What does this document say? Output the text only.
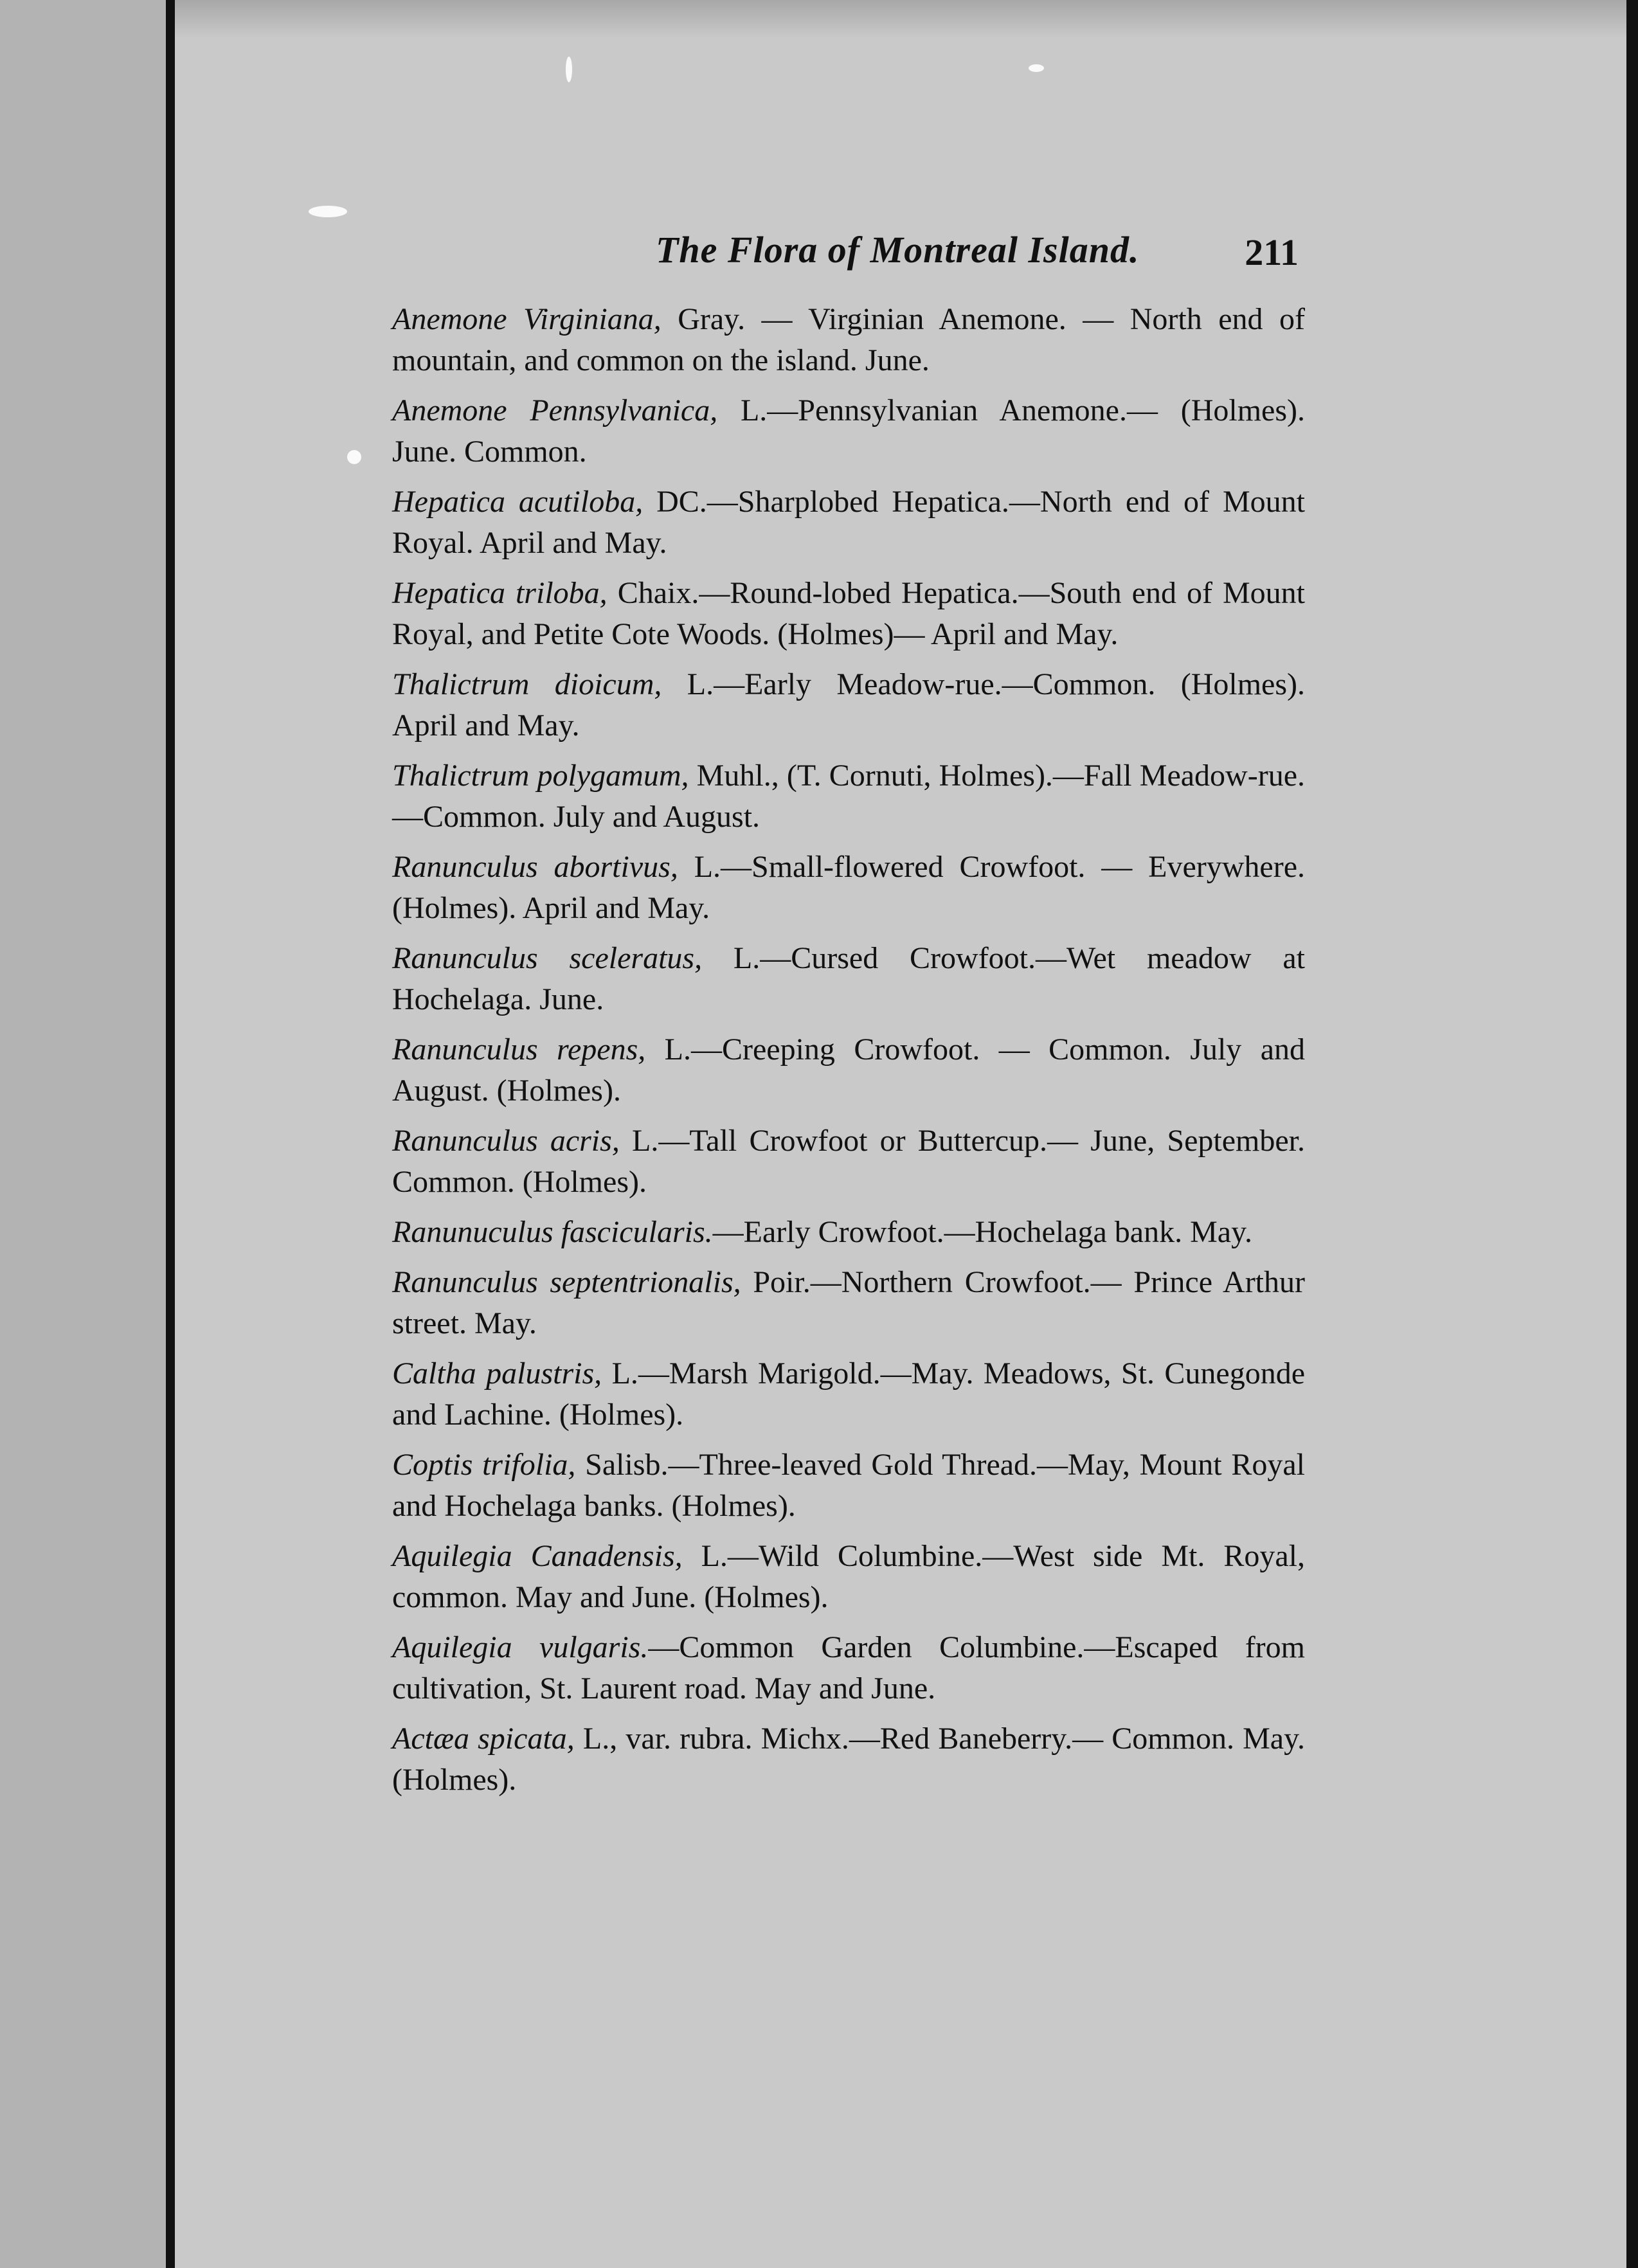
The Flora of Montreal Island.	211

Anemone Virginiana, Gray. — Virginian Anemone. — North end of mountain, and common on the island. June.

Anemone Pennsylvanica, L.—Pennsylvanian Anemone.— (Holmes). June. Common.

Hepatica acutiloba, DC.—Sharplobed Hepatica.—North end of Mount Royal. April and May.

Hepatica triloba, Chaix.—Round-lobed Hepatica.—South end of Mount Royal, and Petite Cote Woods. (Holmes)— April and May.

Thalictrum dioicum, L.—Early Meadow-rue.—Common. (Holmes). April and May.

Thalictrum polygamum, Muhl., (T. Cornuti, Holmes).—Fall Meadow-rue.—Common. July and August.

Ranunculus abortivus, L.—Small-flowered Crowfoot. — Everywhere. (Holmes). April and May.

Ranunculus sceleratus, L.—Cursed Crowfoot.—Wet meadow at Hochelaga. June.

Ranunculus repens, L.—Creeping Crowfoot. — Common. July and August. (Holmes).

Ranunculus acris, L.—Tall Crowfoot or Buttercup.— June, September. Common. (Holmes).

Ranunuculus fascicularis.—Early Crowfoot.—Hochelaga bank. May.

Ranunculus septentrionalis, Poir.—Northern Crowfoot.— Prince Arthur street. May.

Caltha palustris, L.—Marsh Marigold.—May. Meadows, St. Cunegonde and Lachine. (Holmes).

Coptis trifolia, Salisb.—Three-leaved Gold Thread.—May, Mount Royal and Hochelaga banks. (Holmes).

Aquilegia Canadensis, L.—Wild Columbine.—West side Mt. Royal, common. May and June. (Holmes).

Aquilegia vulgaris.—Common Garden Columbine.—Escaped from cultivation, St. Laurent road. May and June.

Actæa spicata, L., var. rubra. Michx.—Red Baneberry.— Common. May. (Holmes).
